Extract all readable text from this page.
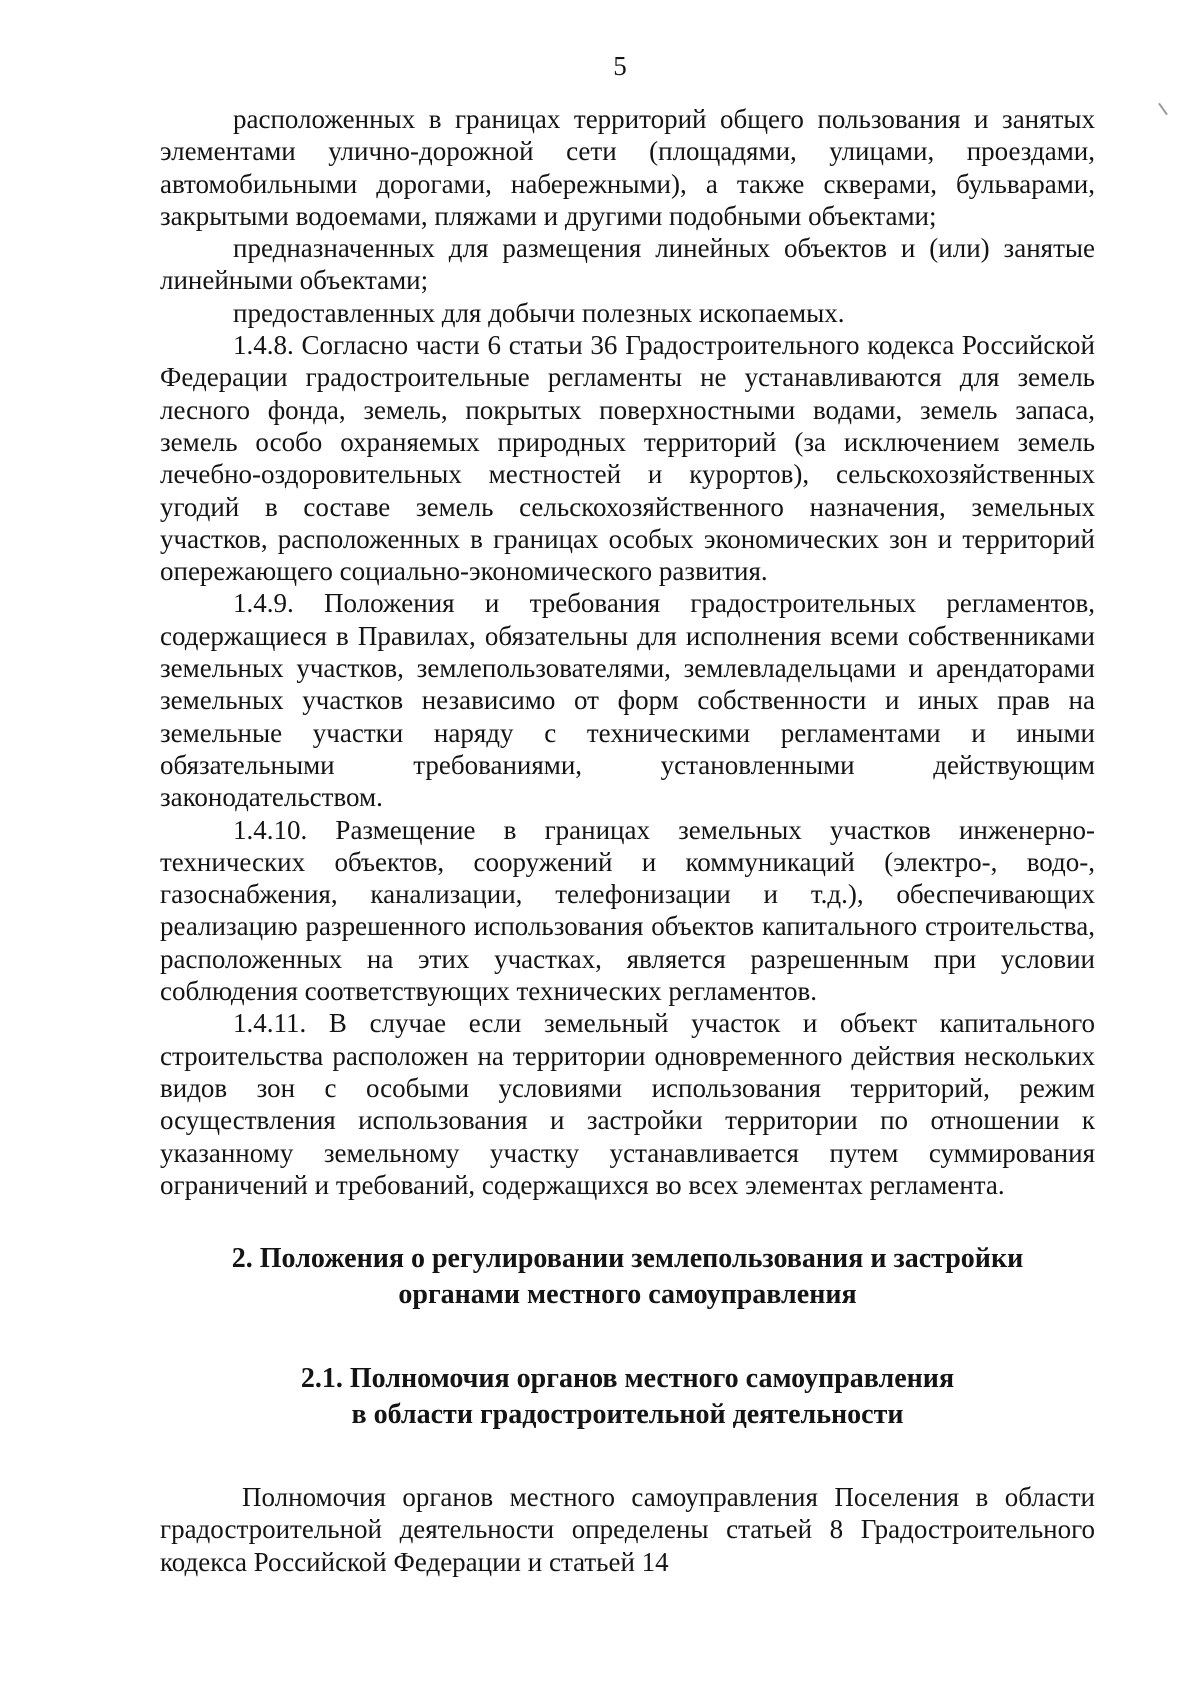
5

расположенных в границах территорий общего пользования и занятых элементами улично-дорожной сети (площадями, улицами, проездами, автомобильными дорогами, набережными), а также скверами, бульварами, закрытыми водоемами, пляжами и другими подобными объектами;

предназначенных для размещения линейных объектов и (или) занятые линейными объектами;

предоставленных для добычи полезных ископаемых.

1.4.8. Согласно части 6 статьи 36 Градостроительного кодекса Российской Федерации градостроительные регламенты не устанавливаются для земель лесного фонда, земель, покрытых поверхностными водами, земель запаса, земель особо охраняемых природных территорий (за исключением земель лечебно-оздоровительных местностей и курортов), сельскохозяйственных угодий в составе земель сельскохозяйственного назначения, земельных участков, расположенных в границах особых экономических зон и территорий опережающего социально-экономического развития.

1.4.9. Положения и требования градостроительных регламентов, содержащиеся в Правилах, обязательны для исполнения всеми собственниками земельных участков, землепользователями, землевладельцами и арендаторами земельных участков независимо от форм собственности и иных прав на земельные участки наряду с техническими регламентами и иными обязательными требованиями, установленными действующим законодательством.

1.4.10. Размещение в границах земельных участков инженерно-технических объектов, сооружений и коммуникаций (электро-, водо-, газоснабжения, канализации, телефонизации и т.д.), обеспечивающих реализацию разрешенного использования объектов капитального строительства, расположенных на этих участках, является разрешенным при условии соблюдения соответствующих технических регламентов.

1.4.11. В случае если земельный участок и объект капитального строительства расположен на территории одновременного действия нескольких видов зон с особыми условиями использования территорий, режим осуществления использования и застройки территории по отношении к указанному земельному участку устанавливается путем суммирования ограничений и требований, содержащихся во всех элементах регламента.

2. Положения о регулировании землепользования и застройки
органами местного самоуправления
2.1. Полномочия органов местного самоуправления
в области градостроительной деятельности

Полномочия органов местного самоуправления Поселения в области градостроительной деятельности определены статьей 8 Градостроительного кодекса Российской Федерации и статьей 14
